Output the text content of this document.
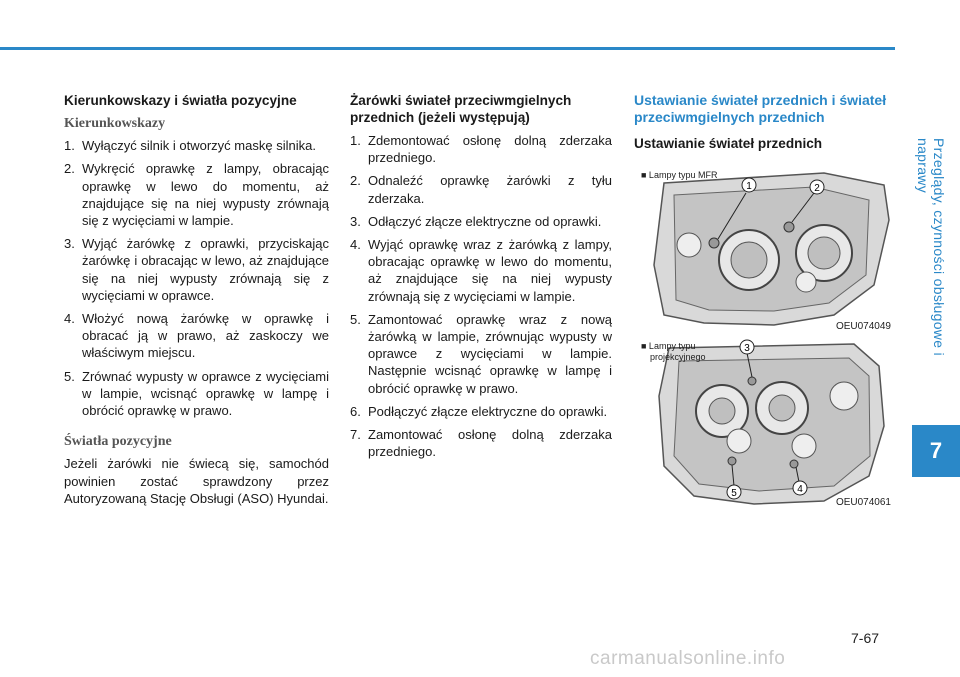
Przeglądy, czynności obsługowe i naprawy
7
Kierunkowskazy i światła pozycyjne
Kierunkowskazy
1. Wyłączyć silnik i otworzyć maskę silnika.
2. Wykręcić oprawkę z lampy, obracając oprawkę w lewo do momentu, aż znajdujące się na niej wypusty zrównają się z wycięciami w lampie.
3. Wyjąć żarówkę z oprawki, przyciskając żarówkę i obracając w lewo, aż znajdujące się na niej wypusty zrównają się z wycięciami w oprawce.
4. Włożyć nową żarówkę w oprawkę i obracać ją w prawo, aż zaskoczy we właściwym miejscu.
5. Zrównać wypusty w oprawce z wycięciami w lampie, wcisnąć oprawkę w lampę i obrócić oprawkę w prawo.
Światła pozycyjne

Jeżeli żarówki nie świecą się, samochód powinien zostać sprawdzony przez Autoryzowaną Stację Obsługi (ASO) Hyundai.

Żarówki świateł przeciwmgielnych przednich (jeżeli występują)
1. Zdemontować osłonę dolną zderzaka przedniego.
2. Odnaleźć oprawkę żarówki z tyłu zderzaka.
3. Odłączyć złącze elektryczne od oprawki.
4. Wyjąć oprawkę wraz z żarówką z lampy, obracając oprawkę w lewo do momentu, aż znajdujące się na niej wypusty zrównają się z wycięciami w lampie.
5. Zamontować oprawkę wraz z nową żarówką w lampie, zrównując wypusty w oprawce z wycięciami w lampie. Następnie wcisnąć oprawkę w lampę i obrócić oprawkę w prawo.
6. Podłączyć złącze elektryczne do oprawki.
7. Zamontować osłonę dolną zderzaka przedniego.
Ustawianie świateł przednich i świateł przeciwmgielnych przednich
Ustawianie świateł przednich
1	2
■ Lampy typu MFR
OEU074049
3
4
5
■ Lampy typu
projekcyjnego
OEU074061
7-67
carmanualsonline.info
